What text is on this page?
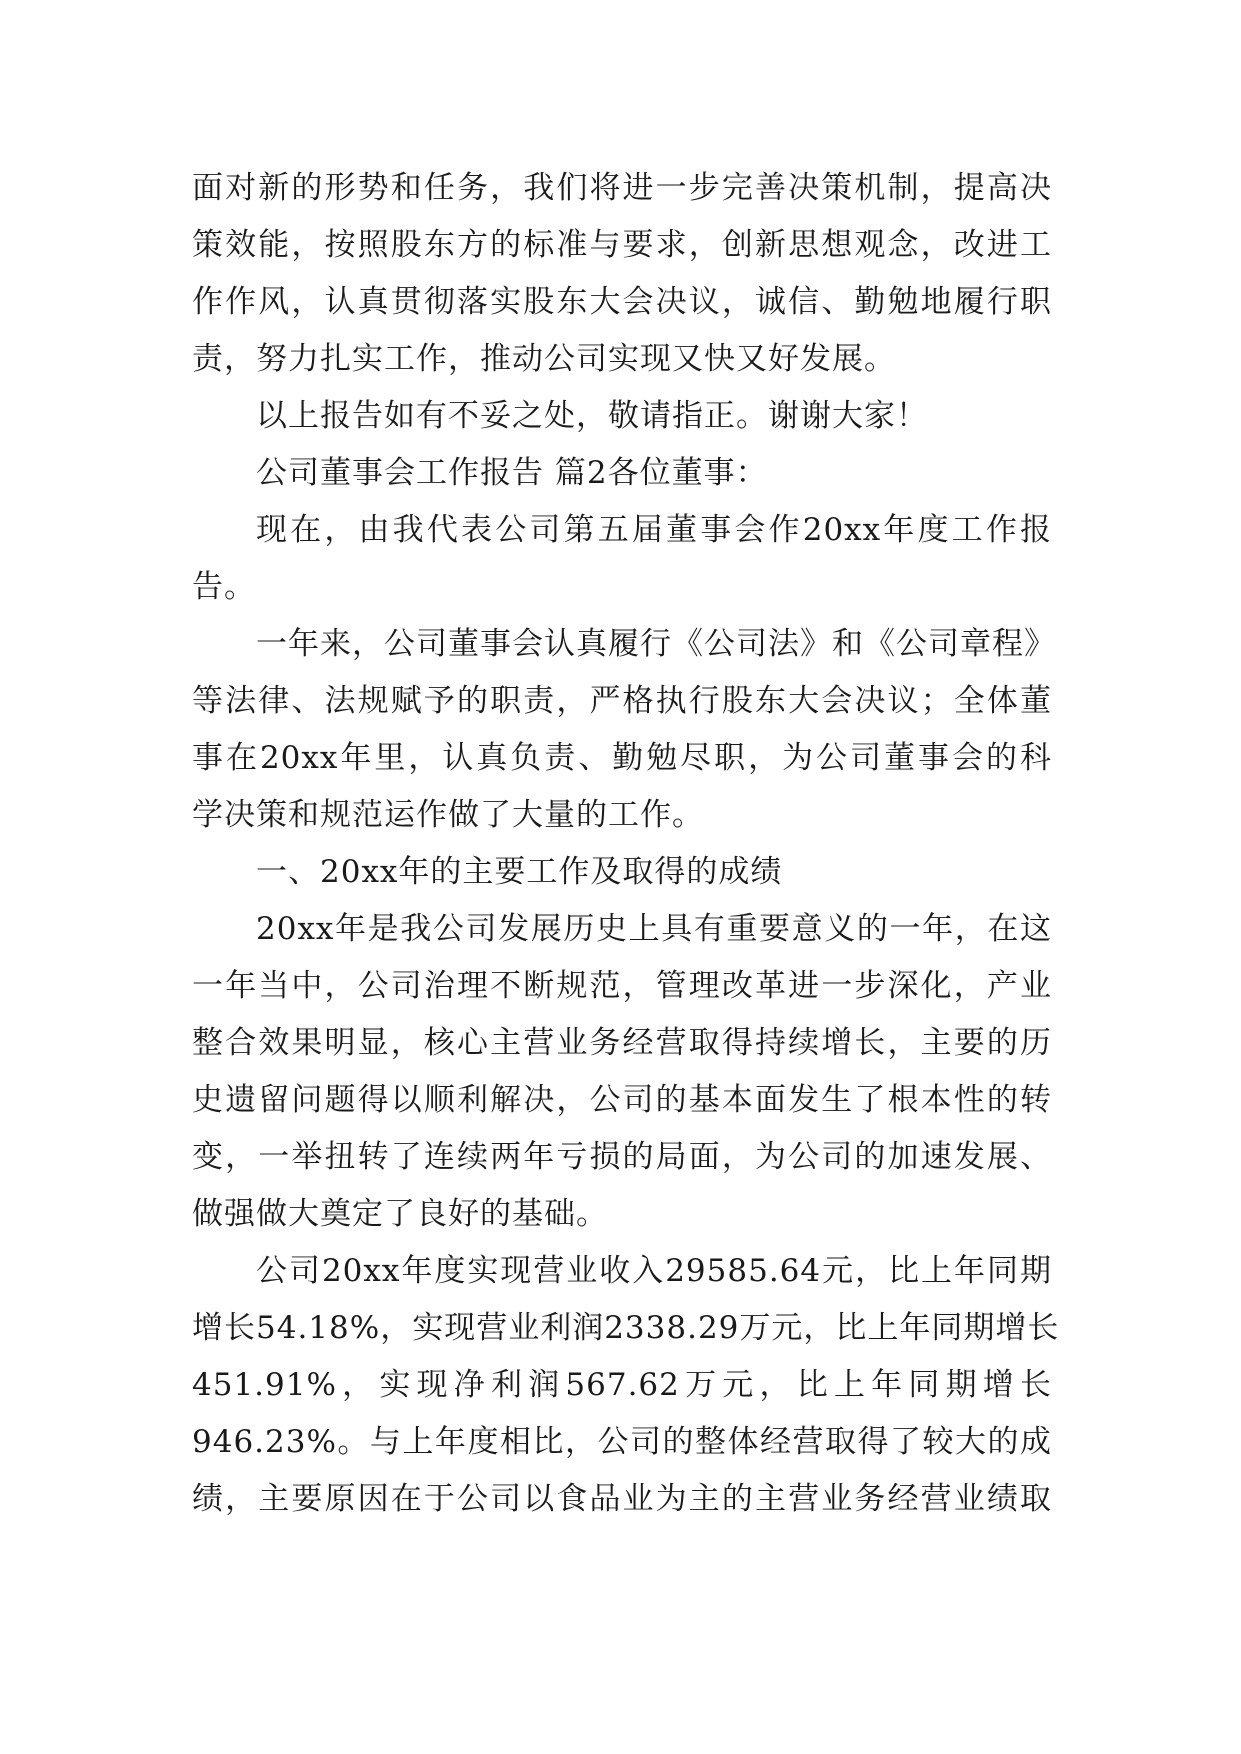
面对新的形势和任务，我们将进一步完善决策机制，提高决
策效能，按照股东方的标准与要求，创新思想观念，改进工
作作风，认真贯彻落实股东大会决议，诚信、勤勉地履行职
责，努力扎实工作，推动公司实现又快又好发展。
以上报告如有不妥之处，敬请指正。谢谢大家！
公司董事会工作报告 篇2各位董事：
现在，由我代表公司第五届董事会作20xx年度工作报
告。
一年来，公司董事会认真履行《公司法》和《公司章程》
等法律、法规赋予的职责，严格执行股东大会决议；全体董
事在20xx年里，认真负责、勤勉尽职，为公司董事会的科
学决策和规范运作做了大量的工作。
一、20xx年的主要工作及取得的成绩
20xx年是我公司发展历史上具有重要意义的一年，在这
一年当中，公司治理不断规范，管理改革进一步深化，产业
整合效果明显，核心主营业务经营取得持续增长，主要的历
史遗留问题得以顺利解决，公司的基本面发生了根本性的转
变，一举扭转了连续两年亏损的局面，为公司的加速发展、
做强做大奠定了良好的基础。
公司20xx年度实现营业收入29585.64元，比上年同期
增长54.18%，实现营业利润2338.29万元，比上年同期增长
451.91%，实现净利润567.62万元，比上年同期增长
946.23%。与上年度相比，公司的整体经营取得了较大的成
绩，主要原因在于公司以食品业为主的主营业务经营业绩取
